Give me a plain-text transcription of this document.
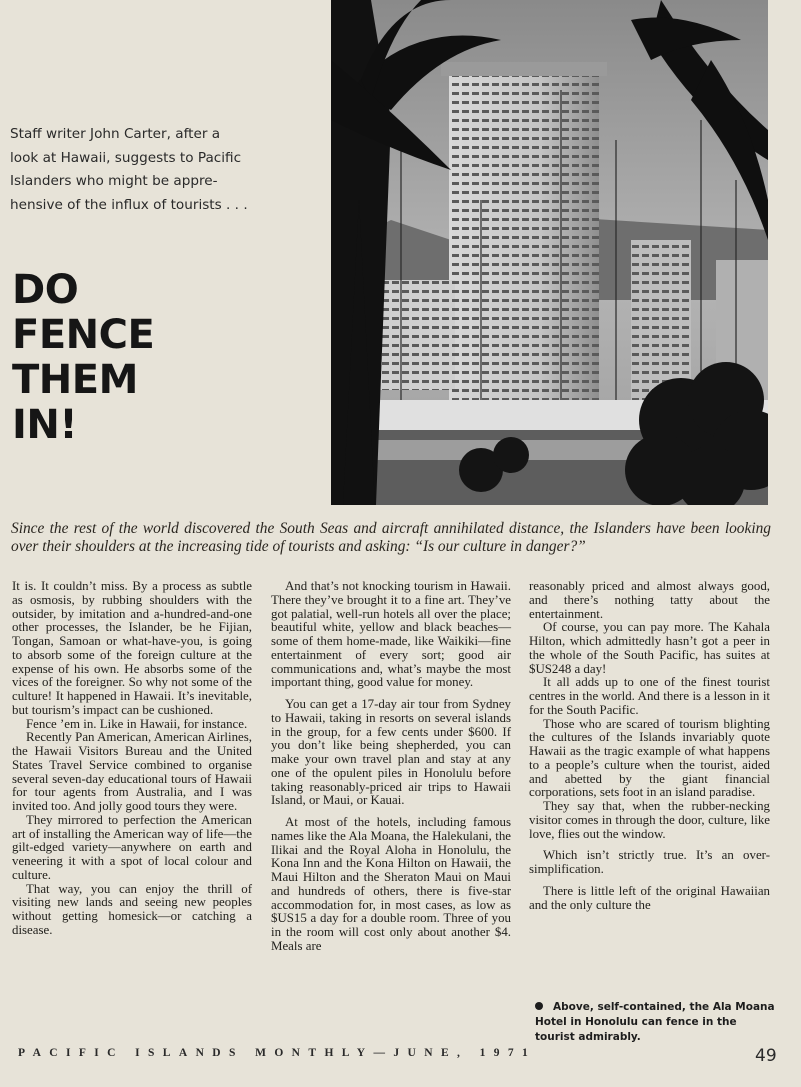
Staff writer John Carter, after a
look at Hawaii, suggests to Pacific
Islanders who might be appre-
hensive of the influx of tourists . . .
DO
FENCE
THEM
IN!
Since the rest of the world discovered the South Seas and aircraft annihilated distance, the Islanders have been looking over their shoulders at the increasing tide of tourists and asking: “Is our culture in danger?”

It is. It couldn’t miss. By a process as subtle as osmosis, by rubbing shoulders with the outsider, by imitation and a-hundred-and-one other processes, the Islander, be he Fijian, Tongan, Samoan or what-have-you, is going to absorb some of the foreign culture at the expense of his own. He absorbs some of the vices of the foreigner. So why not some of the culture! It happened in Hawaii. It’s inevitable, but tourism’s impact can be cushioned.

Fence ’em in. Like in Hawaii, for instance.

Recently Pan American, American Airlines, the Hawaii Visitors Bureau and the United States Travel Service combined to organise several seven-day educational tours of Hawaii for tour agents from Australia, and I was invited too. And jolly good tours they were.

They mirrored to perfection the American art of installing the American way of life—the gilt-edged variety—anywhere on earth and veneering it with a spot of local colour and culture.

That way, you can enjoy the thrill of visiting new lands and seeing new peoples without getting homesick—or catching a disease.

And that’s not knocking tourism in Hawaii. There they’ve brought it to a fine art. They’ve got palatial, well-run hotels all over the place; beautiful white, yellow and black beaches—some of them home-made, like Waikiki—fine entertainment of every sort; good air communications and, what’s maybe the most important thing, good value for money.

You can get a 17-day air tour from Sydney to Hawaii, taking in resorts on several islands in the group, for a few cents under $600. If you don’t like being shepherded, you can make your own travel plan and stay at any one of the opulent piles in Honolulu before taking reasonably-priced air trips to Hawaii Island, or Maui, or Kauai.

At most of the hotels, including famous names like the Ala Moana, the Halekulani, the Ilikai and the Royal Aloha in Honolulu, the Kona Inn and the Kona Hilton on Hawaii, the Maui Hilton and the Sheraton Maui on Maui and hundreds of others, there is five-star accommodation for, in most cases, as low as $US15 a day for a double room. Three of you in the room will cost only about another $4. Meals are

reasonably priced and almost always good, and there’s nothing tatty about the entertainment.

Of course, you can pay more. The Kahala Hilton, which admittedly hasn’t got a peer in the whole of the South Pacific, has suites at $US248 a day!

It all adds up to one of the finest tourist centres in the world. And there is a lesson in it for the South Pacific.

Those who are scared of tourism blighting the cultures of the Islands invariably quote Hawaii as the tragic example of what happens to a people’s culture when the tourist, aided and abetted by the giant financial corporations, sets foot in an island paradise.

They say that, when the rubber-necking visitor comes in through the door, culture, like love, flies out the window.

Which isn’t strictly true. It’s an over-simplification.

There is little left of the original Hawaiian and the only culture the

Above, self-contained, the Ala Moana Hotel in Honolulu can fence in the tourist admirably.
PACIFIC ISLANDS MONTHLY—JUNE, 1971	49
